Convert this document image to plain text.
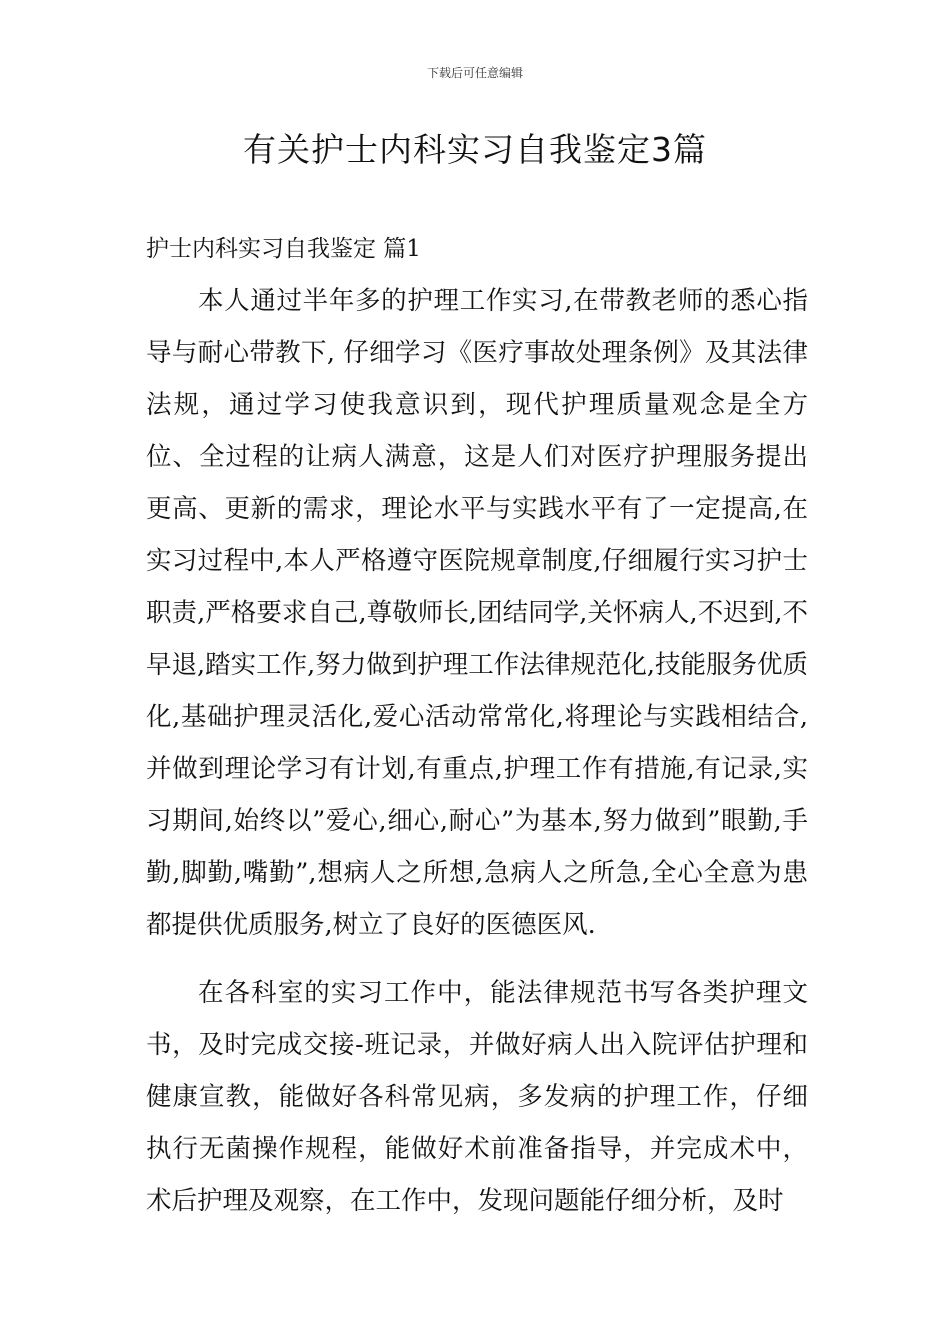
下载后可任意编辑
有关护士内科实习自我鉴定3篇
护士内科实习自我鉴定 篇1

本人通过半年多的护理工作实习,在带教老师的悉心指导与耐心带教下, 仔细学习《医疗事故处理条例》及其法律法规，通过学习使我意识到，现代护理质量观念是全方位、全过程的让病人满意，这是人们对医疗护理服务提出更高、更新的需求，理论水平与实践水平有了一定提高,在实习过程中,本人严格遵守医院规章制度,仔细履行实习护士职责,严格要求自己,尊敬师长,团结同学,关怀病人,不迟到,不早退,踏实工作,努力做到护理工作法律规范化,技能服务优质化,基础护理灵活化,爱心活动常常化,将理论与实践相结合,并做到理论学习有计划,有重点,护理工作有措施,有记录,实习期间,始终以”爱心,细心,耐心”为基本,努力做到”眼勤,手勤,脚勤,嘴勤”,想病人之所想,急病人之所急,全心全意为患都提供优质服务,树立了良好的医德医风.

在各科室的实习工作中，能法律规范书写各类护理文书，及时完成交接-班记录，并做好病人出入院评估护理和健康宣教，能做好各科常见病，多发病的护理工作，仔细执行无菌操作规程，能做好术前准备指导，并完成术中，术后护理及观察，在工作中，发现问题能仔细分析，及时
